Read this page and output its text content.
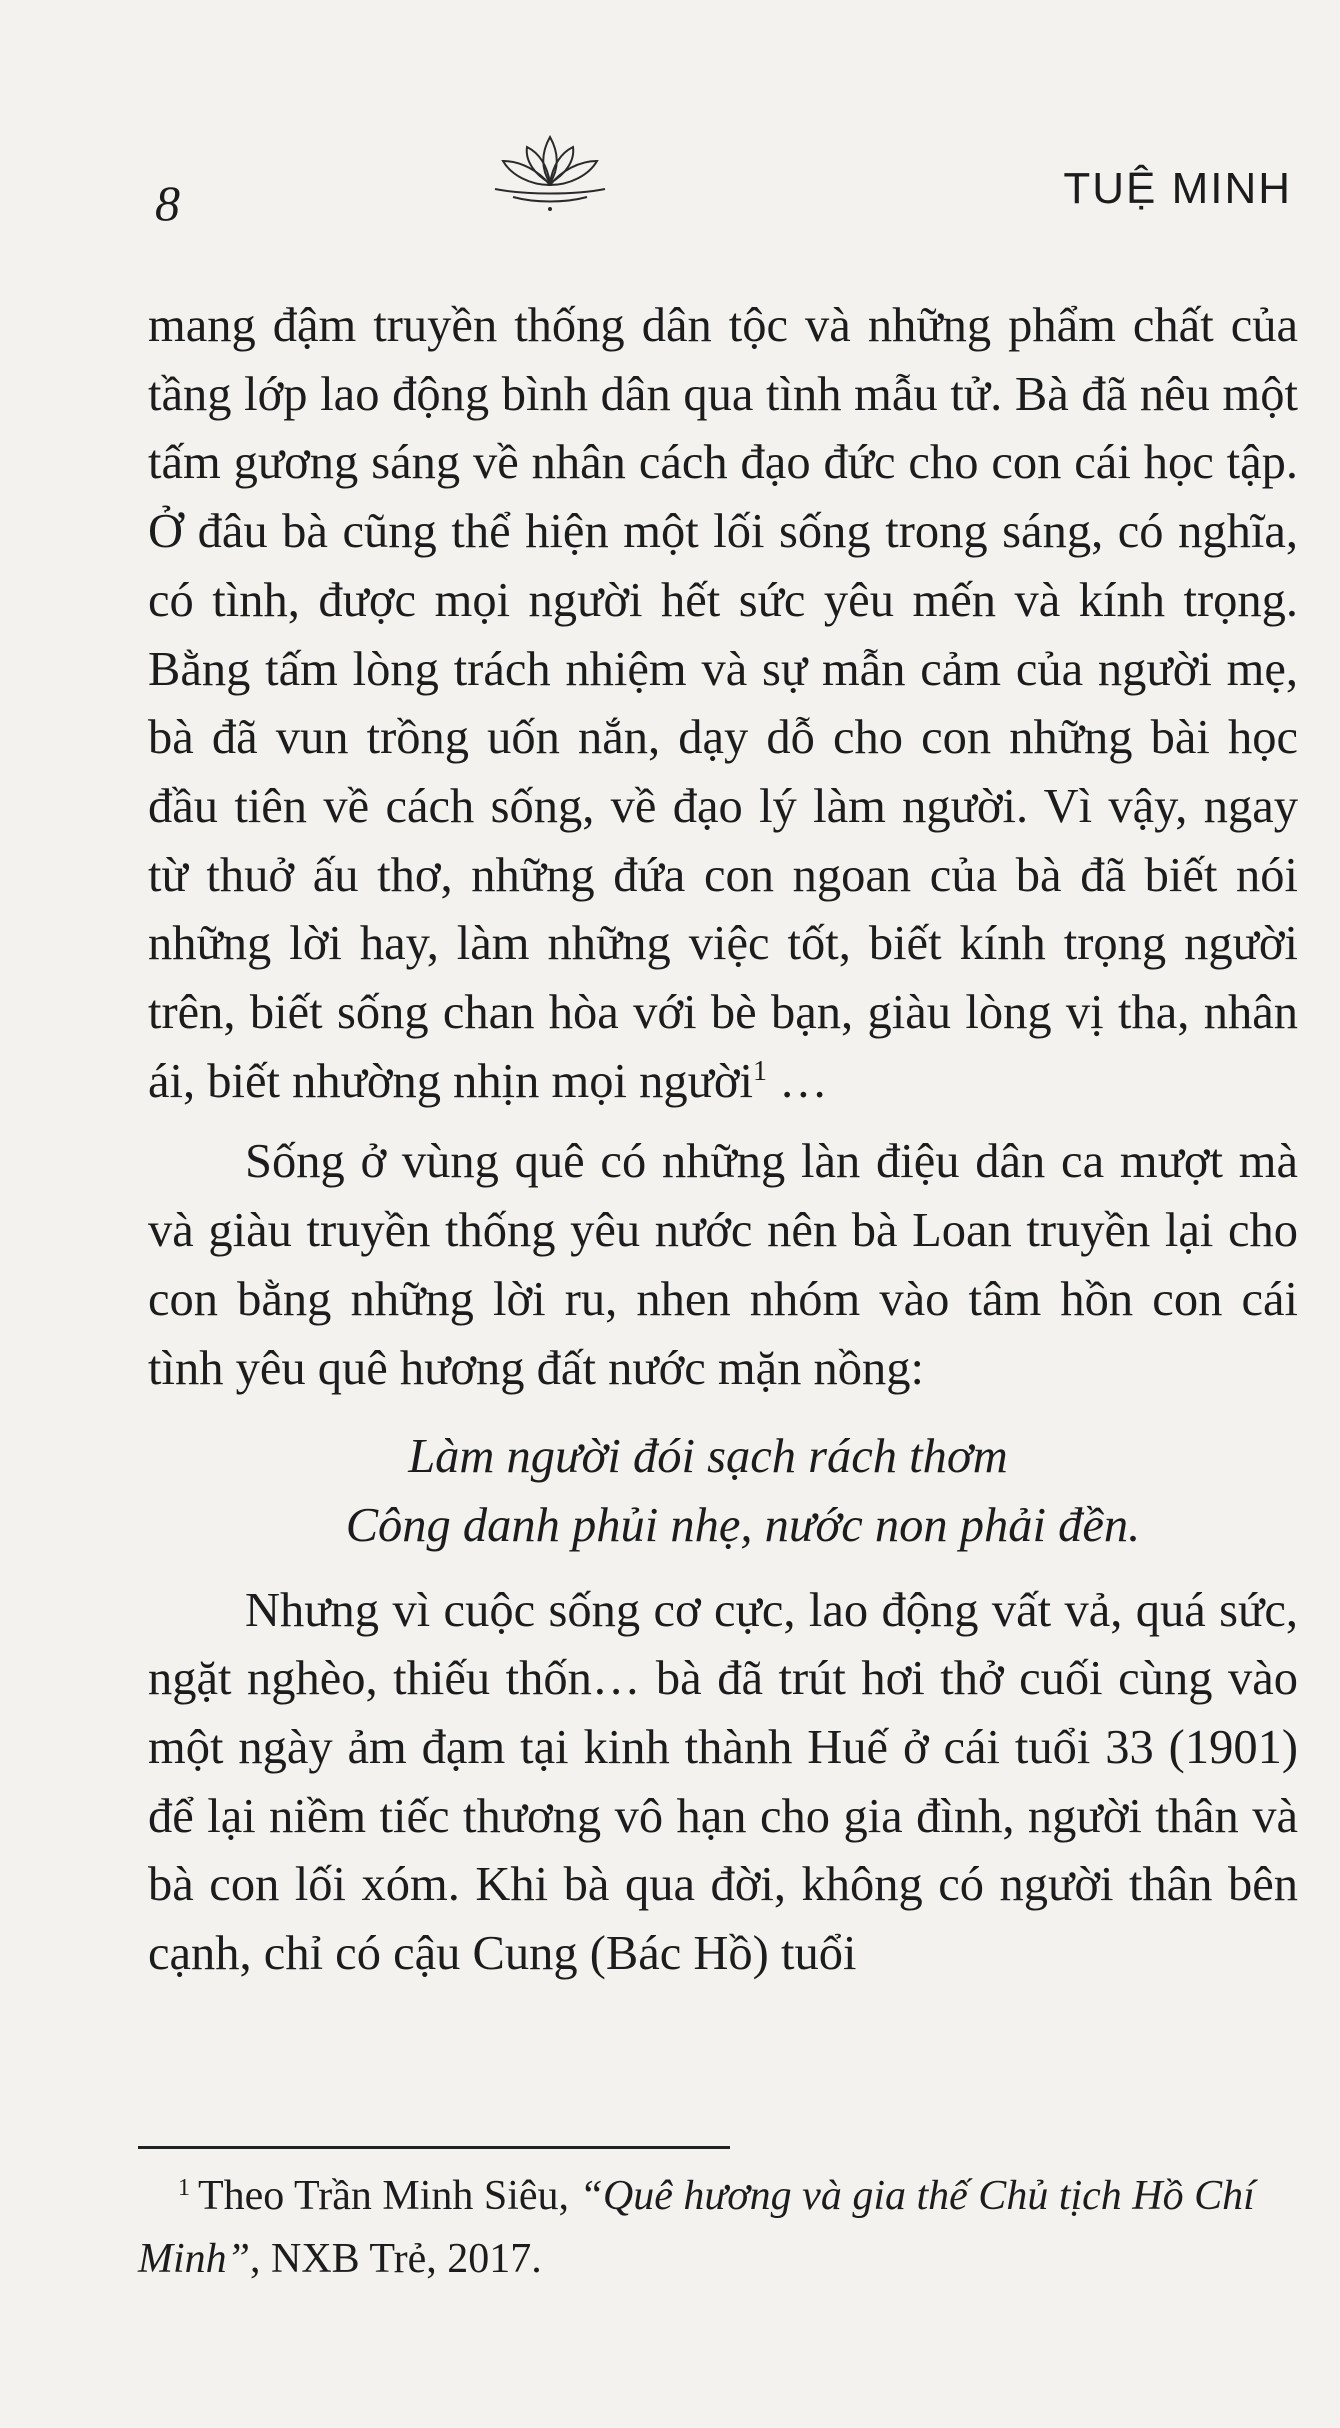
8	TUỆ MINH

mang đậm truyền thống dân tộc và những phẩm chất của tầng lớp lao động bình dân qua tình mẫu tử. Bà đã nêu một tấm gương sáng về nhân cách đạo đức cho con cái học tập. Ở đâu bà cũng thể hiện một lối sống trong sáng, có nghĩa, có tình, được mọi người hết sức yêu mến và kính trọng. Bằng tấm lòng trách nhiệm và sự mẫn cảm của người mẹ, bà đã vun trồng uốn nắn, dạy dỗ cho con những bài học đầu tiên về cách sống, về đạo lý làm người. Vì vậy, ngay từ thuở ấu thơ, những đứa con ngoan của bà đã biết nói những lời hay, làm những việc tốt, biết kính trọng người trên, biết sống chan hòa với bè bạn, giàu lòng vị tha, nhân ái, biết nhường nhịn mọi người$^1$ …

Sống ở vùng quê có những làn điệu dân ca mượt mà và giàu truyền thống yêu nước nên bà Loan truyền lại cho con bằng những lời ru, nhen nhóm vào tâm hồn con cái tình yêu quê hương đất nước mặn nồng:

Làm người đói sạch rách thơm
Công danh phủi nhẹ, nước non phải đền.

Nhưng vì cuộc sống cơ cực, lao động vất vả, quá sức, ngặt nghèo, thiếu thốn… bà đã trút hơi thở cuối cùng vào một ngày ảm đạm tại kinh thành Huế ở cái tuổi 33 (1901) để lại niềm tiếc thương vô hạn cho gia đình, người thân và bà con lối xóm. Khi bà qua đời, không có người thân bên cạnh, chỉ có cậu Cung (Bác Hồ) tuổi

$^1$ Theo Trần Minh Siêu, “Quê hương và gia thế Chủ tịch Hồ Chí Minh”, NXB Trẻ, 2017.
